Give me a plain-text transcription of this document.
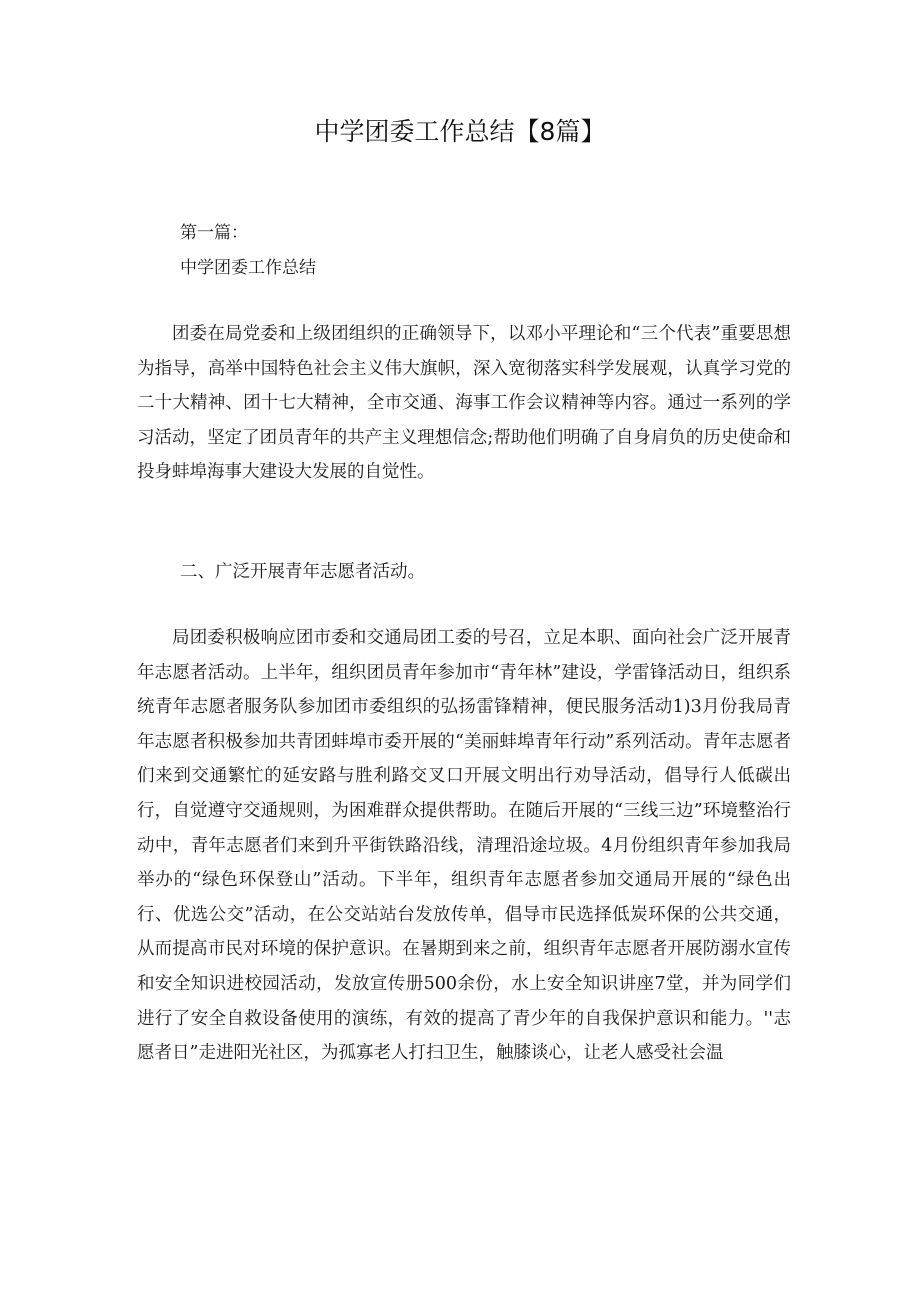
中学团委工作总结【8篇】
第一篇：
中学团委工作总结

团委在局党委和上级团组织的正确领导下，以邓小平理论和“三个代表”重要思想为指导，高举中国特色社会主义伟大旗帜，深入宽彻落实科学发展观，认真学习党的二十大精神、团十七大精神，全市交通、海事工作会议精神等内容。通过一系列的学习活动，坚定了团员青年的共产主义理想信念;帮助他们明确了自身肩负的历史使命和投身蚌埠海事大建设大发展的自觉性。

二、广泛开展青年志愿者活动。

局团委积极响应团市委和交通局团工委的号召，立足本职、面向社会广泛开展青年志愿者活动。上半年，组织团员青年参加市“青年林”建设，学雷锋活动日，组织系统青年志愿者服务队参加团市委组织的弘扬雷锋精神，便民服务活动1)3月份我局青年志愿者积极参加共青团蚌埠市委开展的“美丽蚌埠青年行动”系列活动。青年志愿者们来到交通繁忙的延安路与胜利路交叉口开展文明出行劝导活动，倡导行人低碳出行，自觉遵守交通规则，为困难群众提供帮助。在随后开展的“三线三边”环境整治行动中，青年志愿者们来到升平街铁路沿线，清理沿途垃圾。4月份组织青年参加我局举办的“绿色环保登山”活动。下半年，组织青年志愿者参加交通局开展的“绿色出行、优选公交”活动，在公交站站台发放传单，倡导市民选择低炭环保的公共交通，从而提高市民对环境的保护意识。在暑期到来之前，组织青年志愿者开展防溺水宣传和安全知识进校园活动，发放宣传册500余份，水上安全知识讲座7堂，并为同学们进行了安全自救设备使用的演练，有效的提高了青少年的自我保护意识和能力。''志愿者日”走进阳光社区，为孤寡老人打扫卫生，触膝谈心，让老人感受社会温
